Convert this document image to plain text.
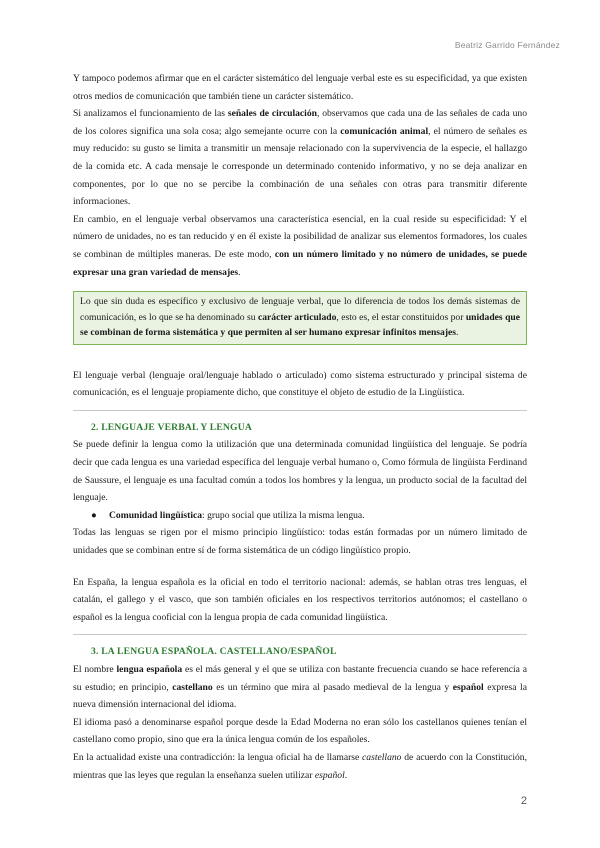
Beatriz Garrido Fernández

Y tampoco podemos afirmar que en el carácter sistemático del lenguaje verbal este es su especificidad, ya que existen otros medios de comunicación que también tiene un carácter sistemático.

Si analizamos el funcionamiento de las señales de circulación, observamos que cada una de las señales de cada uno de los colores significa una sola cosa; algo semejante ocurre con la comunicación animal, el número de señales es muy reducido: su gusto se limita a transmitir un mensaje relacionado con la supervivencia de la especie, el hallazgo de la comida etc. A cada mensaje le corresponde un determinado contenido informativo, y no se deja analizar en componentes, por lo que no se percibe la combinación de una señales con otras para transmitir diferente informaciones.

En cambio, en el lenguaje verbal observamos una característica esencial, en la cual reside su especificidad: Y el número de unidades, no es tan reducido y en él existe la posibilidad de analizar sus elementos formadores, los cuales se combinan de múltiples maneras. De este modo, con un número limitado y no número de unidades, se puede expresar una gran variedad de mensajes.

Lo que sin duda es específico y exclusivo de lenguaje verbal, que lo diferencia de todos los demás sistemas de comunicación, es lo que se ha denominado su carácter articulado, esto es, el estar constituidos por unidades que se combinan de forma sistemática y que permiten al ser humano expresar infinitos mensajes.

El lenguaje verbal (lenguaje oral/lenguaje hablado o articulado) como sistema estructurado y principal sistema de comunicación, es el lenguaje propiamente dicho, que constituye el objeto de estudio de la Lingüística.

2. LENGUAJE VERBAL Y LENGUA

Se puede definir la lengua como la utilización que una determinada comunidad lingüística del lenguaje. Se podría decir que cada lengua es una variedad específica del lenguaje verbal humano o, Como fórmula de lingüista Ferdinand de Saussure, el lenguaje es una facultad común a todos los hombres y la lengua, un producto social de la facultad del lenguaje.

● Comunidad lingüística: grupo social que utiliza la misma lengua.

Todas las lenguas se rigen por el mismo principio lingüístico: todas están formadas por un número limitado de unidades que se combinan entre sí de forma sistemática de un código lingüístico propio.

En España, la lengua española es la oficial en todo el territorio nacional: además, se hablan otras tres lenguas, el catalán, el gallego y el vasco, que son también oficiales en los respectivos territorios autónomos; el castellano o español es la lengua cooficial con la lengua propia de cada comunidad lingüística.

3. LA LENGUA ESPAÑOLA. CASTELLANO/ESPAÑOL

El nombre lengua española es el más general y el que se utiliza con bastante frecuencia cuando se hace referencia a su estudio; en principio, castellano es un término que mira al pasado medieval de la lengua y español expresa la nueva dimensión internacional del idioma.

El idioma pasó a denominarse español porque desde la Edad Moderna no eran sólo los castellanos quienes tenían el castellano como propio, sino que era la única lengua común de los españoles.

En la actualidad existe una contradicción: la lengua oficial ha de llamarse castellano de acuerdo con la Constitución, mientras que las leyes que regulan la enseñanza suelen utilizar español.

2
